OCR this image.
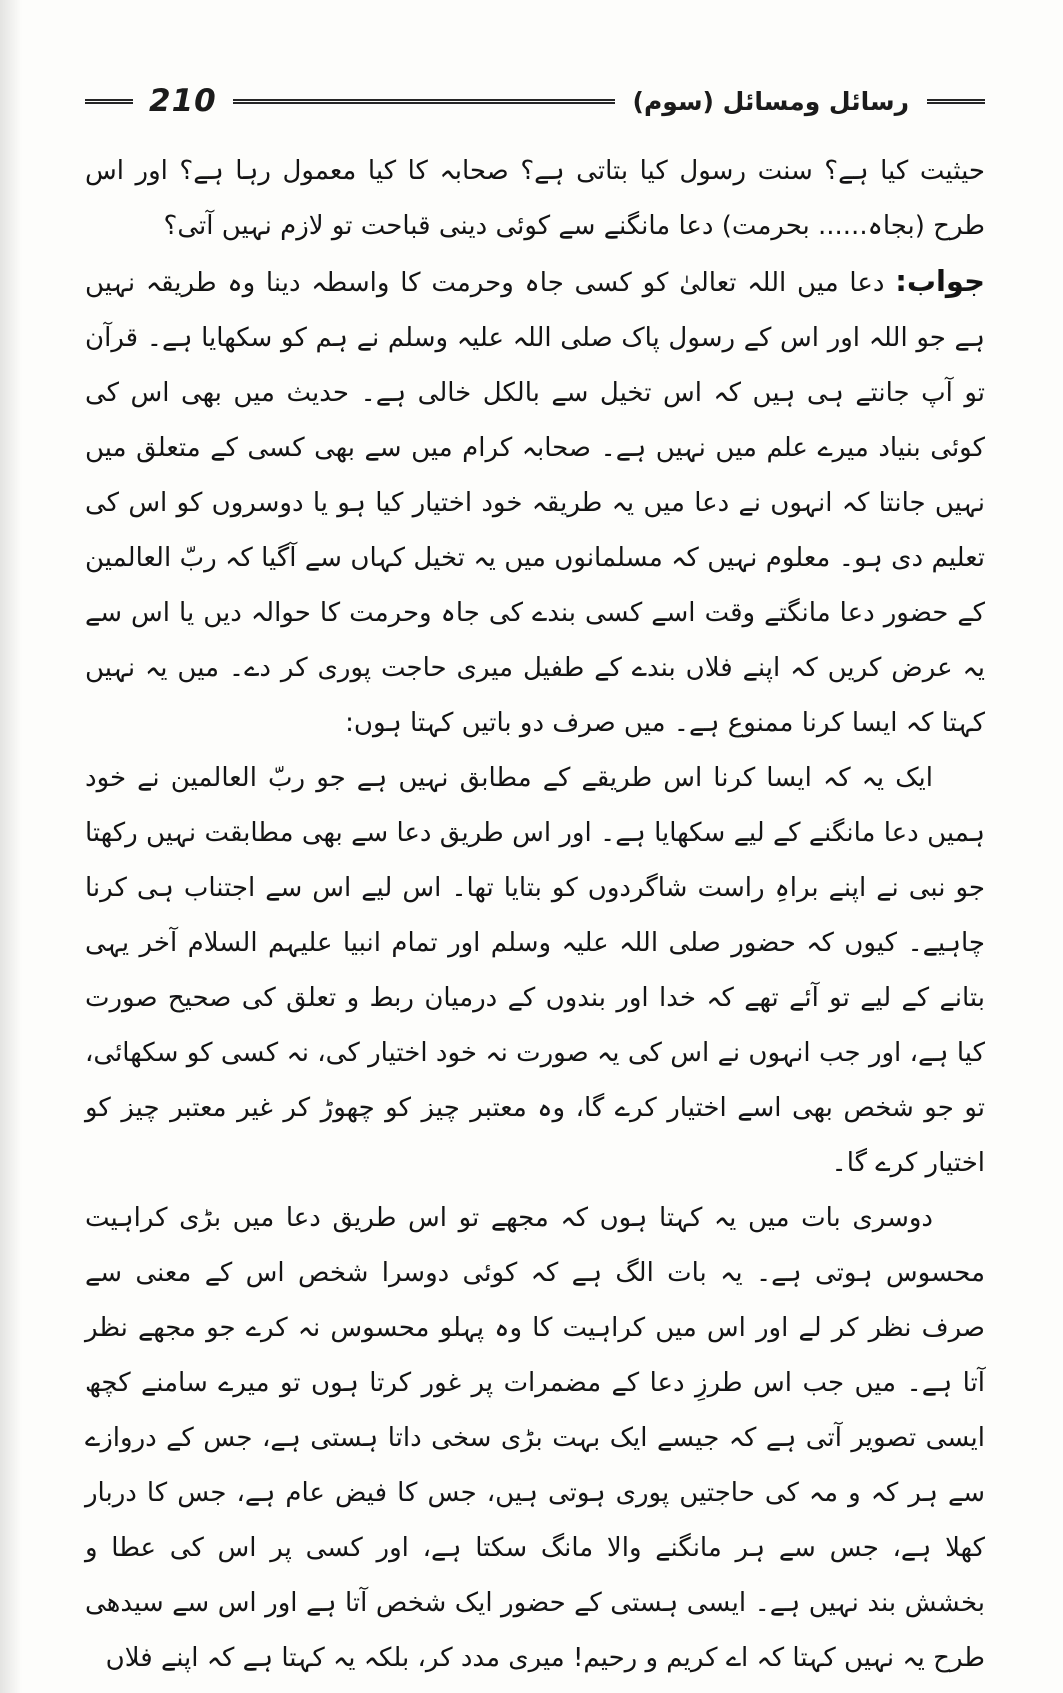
210	رسائل ومسائل (سوم)

حیثیت کیا ہے؟ سنت رسول کیا بتاتی ہے؟ صحابہ کا کیا معمول رہا ہے؟ اور اس طرح (بجاہ...... بحرمت) دعا مانگنے سے کوئی دینی قباحت تو لازم نہیں آتی؟

جواب: دعا میں اللہ تعالیٰ کو کسی جاہ وحرمت کا واسطہ دینا وہ طریقہ نہیں ہے جو اللہ اور اس کے رسول پاک صلی اللہ علیہ وسلم نے ہم کو سکھایا ہے۔ قرآن تو آپ جانتے ہی ہیں کہ اس تخیل سے بالکل خالی ہے۔ حدیث میں بھی اس کی کوئی بنیاد میرے علم میں نہیں ہے۔ صحابہ کرام میں سے بھی کسی کے متعلق میں نہیں جانتا کہ انہوں نے دعا میں یہ طریقہ خود اختیار کیا ہو یا دوسروں کو اس کی تعلیم دی ہو۔ معلوم نہیں کہ مسلمانوں میں یہ تخیل کہاں سے آگیا کہ ربّ العالمین کے حضور دعا مانگتے وقت اسے کسی بندے کی جاہ وحرمت کا حوالہ دیں یا اس سے یہ عرض کریں کہ اپنے فلاں بندے کے طفیل میری حاجت پوری کر دے۔ میں یہ نہیں کہتا کہ ایسا کرنا ممنوع ہے۔ میں صرف دو باتیں کہتا ہوں:

ایک یہ کہ ایسا کرنا اس طریقے کے مطابق نہیں ہے جو ربّ العالمین نے خود ہمیں دعا مانگنے کے لیے سکھایا ہے۔ اور اس طریق دعا سے بھی مطابقت نہیں رکھتا جو نبی نے اپنے براہِ راست شاگردوں کو بتایا تھا۔ اس لیے اس سے اجتناب ہی کرنا چاہیے۔ کیوں کہ حضور صلی اللہ علیہ وسلم اور تمام انبیا علیہم السلام آخر یہی بتانے کے لیے تو آئے تھے کہ خدا اور بندوں کے درمیان ربط و تعلق کی صحیح صورت کیا ہے، اور جب انہوں نے اس کی یہ صورت نہ خود اختیار کی، نہ کسی کو سکھائی، تو جو شخص بھی اسے اختیار کرے گا، وہ معتبر چیز کو چھوڑ کر غیر معتبر چیز کو اختیار کرے گا۔

دوسری بات میں یہ کہتا ہوں کہ مجھے تو اس طریق دعا میں بڑی کراہیت محسوس ہوتی ہے۔ یہ بات الگ ہے کہ کوئی دوسرا شخص اس کے معنی سے صرف نظر کر لے اور اس میں کراہیت کا وہ پہلو محسوس نہ کرے جو مجھے نظر آتا ہے۔ میں جب اس طرزِ دعا کے مضمرات پر غور کرتا ہوں تو میرے سامنے کچھ ایسی تصویر آتی ہے کہ جیسے ایک بہت بڑی سخی داتا ہستی ہے، جس کے دروازے سے ہر کہ و مہ کی حاجتیں پوری ہوتی ہیں، جس کا فیض عام ہے، جس کا دربار کھلا ہے، جس سے ہر مانگنے والا مانگ سکتا ہے، اور کسی پر اس کی عطا و بخشش بند نہیں ہے۔ ایسی ہستی کے حضور ایک شخص آتا ہے اور اس سے سیدھی طرح یہ نہیں کہتا کہ اے کریم و رحیم! میری مدد کر، بلکہ یہ کہتا ہے کہ اپنے فلاں
